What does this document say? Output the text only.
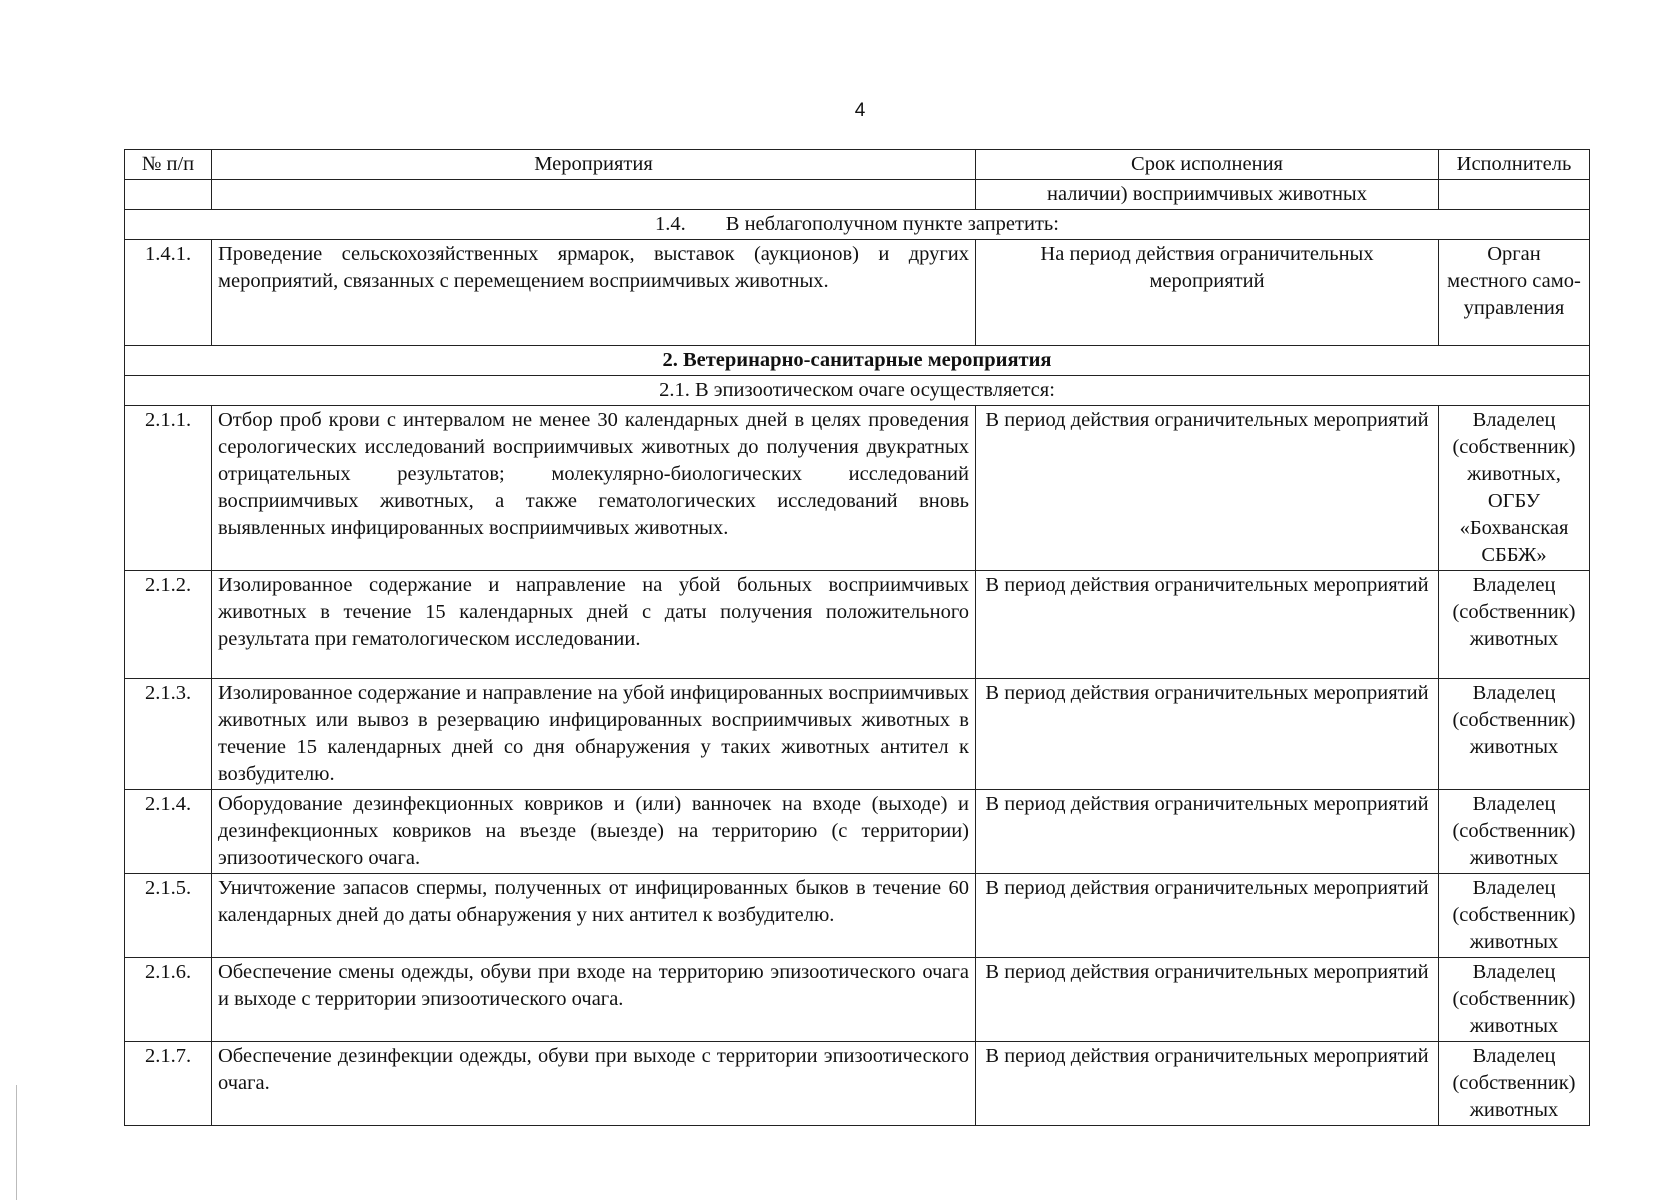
4
№ п/п	Мероприятия	Срок исполнения	Исполнитель
		наличии) восприимчивых животных	
1.4. В неблагополучном пункте запретить:			
1.4.1.	Проведение сельскохозяйственных ярмарок, выставок (аукционов) и других мероприятий, связанных с перемещением восприимчивых животных.	На период действия ограничительных мероприятий	Орган местного само-управления
2. Ветеринарно-санитарные мероприятия			
2.1. В эпизоотическом очаге осуществляется:			
2.1.1.	Отбор проб крови с интервалом не менее 30 календарных дней в целях проведения серологических исследований восприимчивых животных до получения двукратных отрицательных результатов; молекулярно-биологических исследований восприимчивых животных, а также гематологических исследований вновь выявленных инфицированных восприимчивых животных.	В период действия ограничительных мероприятий	Владелец (собственник) животных, ОГБУ «Бохванская СББЖ»
2.1.2.	Изолированное содержание и направление на убой больных восприимчивых животных в течение 15 календарных дней с даты получения положительного результата при гематологическом исследовании.	В период действия ограничительных мероприятий	Владелец (собственник) животных
2.1.3.	Изолированное содержание и направление на убой инфицированных восприимчивых животных или вывоз в резервацию инфицированных восприимчивых животных в течение 15 календарных дней со дня обнаружения у таких животных антител к возбудителю.	В период действия ограничительных мероприятий	Владелец (собственник) животных
2.1.4.	Оборудование дезинфекционных ковриков и (или) ванночек на входе (выходе) и дезинфекционных ковриков на въезде (выезде) на территорию (с территории) эпизоотического очага.	В период действия ограничительных мероприятий	Владелец (собственник) животных
2.1.5.	Уничтожение запасов спермы, полученных от инфицированных быков в течение 60 календарных дней до даты обнаружения у них антител к возбудителю.	В период действия ограничительных мероприятий	Владелец (собственник) животных
2.1.6.	Обеспечение смены одежды, обуви при входе на территорию эпизоотического очага и выходе с территории эпизоотического очага.	В период действия ограничительных мероприятий	Владелец (собственник) животных
2.1.7.	Обеспечение дезинфекции одежды, обуви при выходе с территории эпизоотического очага.	В период действия ограничительных мероприятий	Владелец (собственник) животных
